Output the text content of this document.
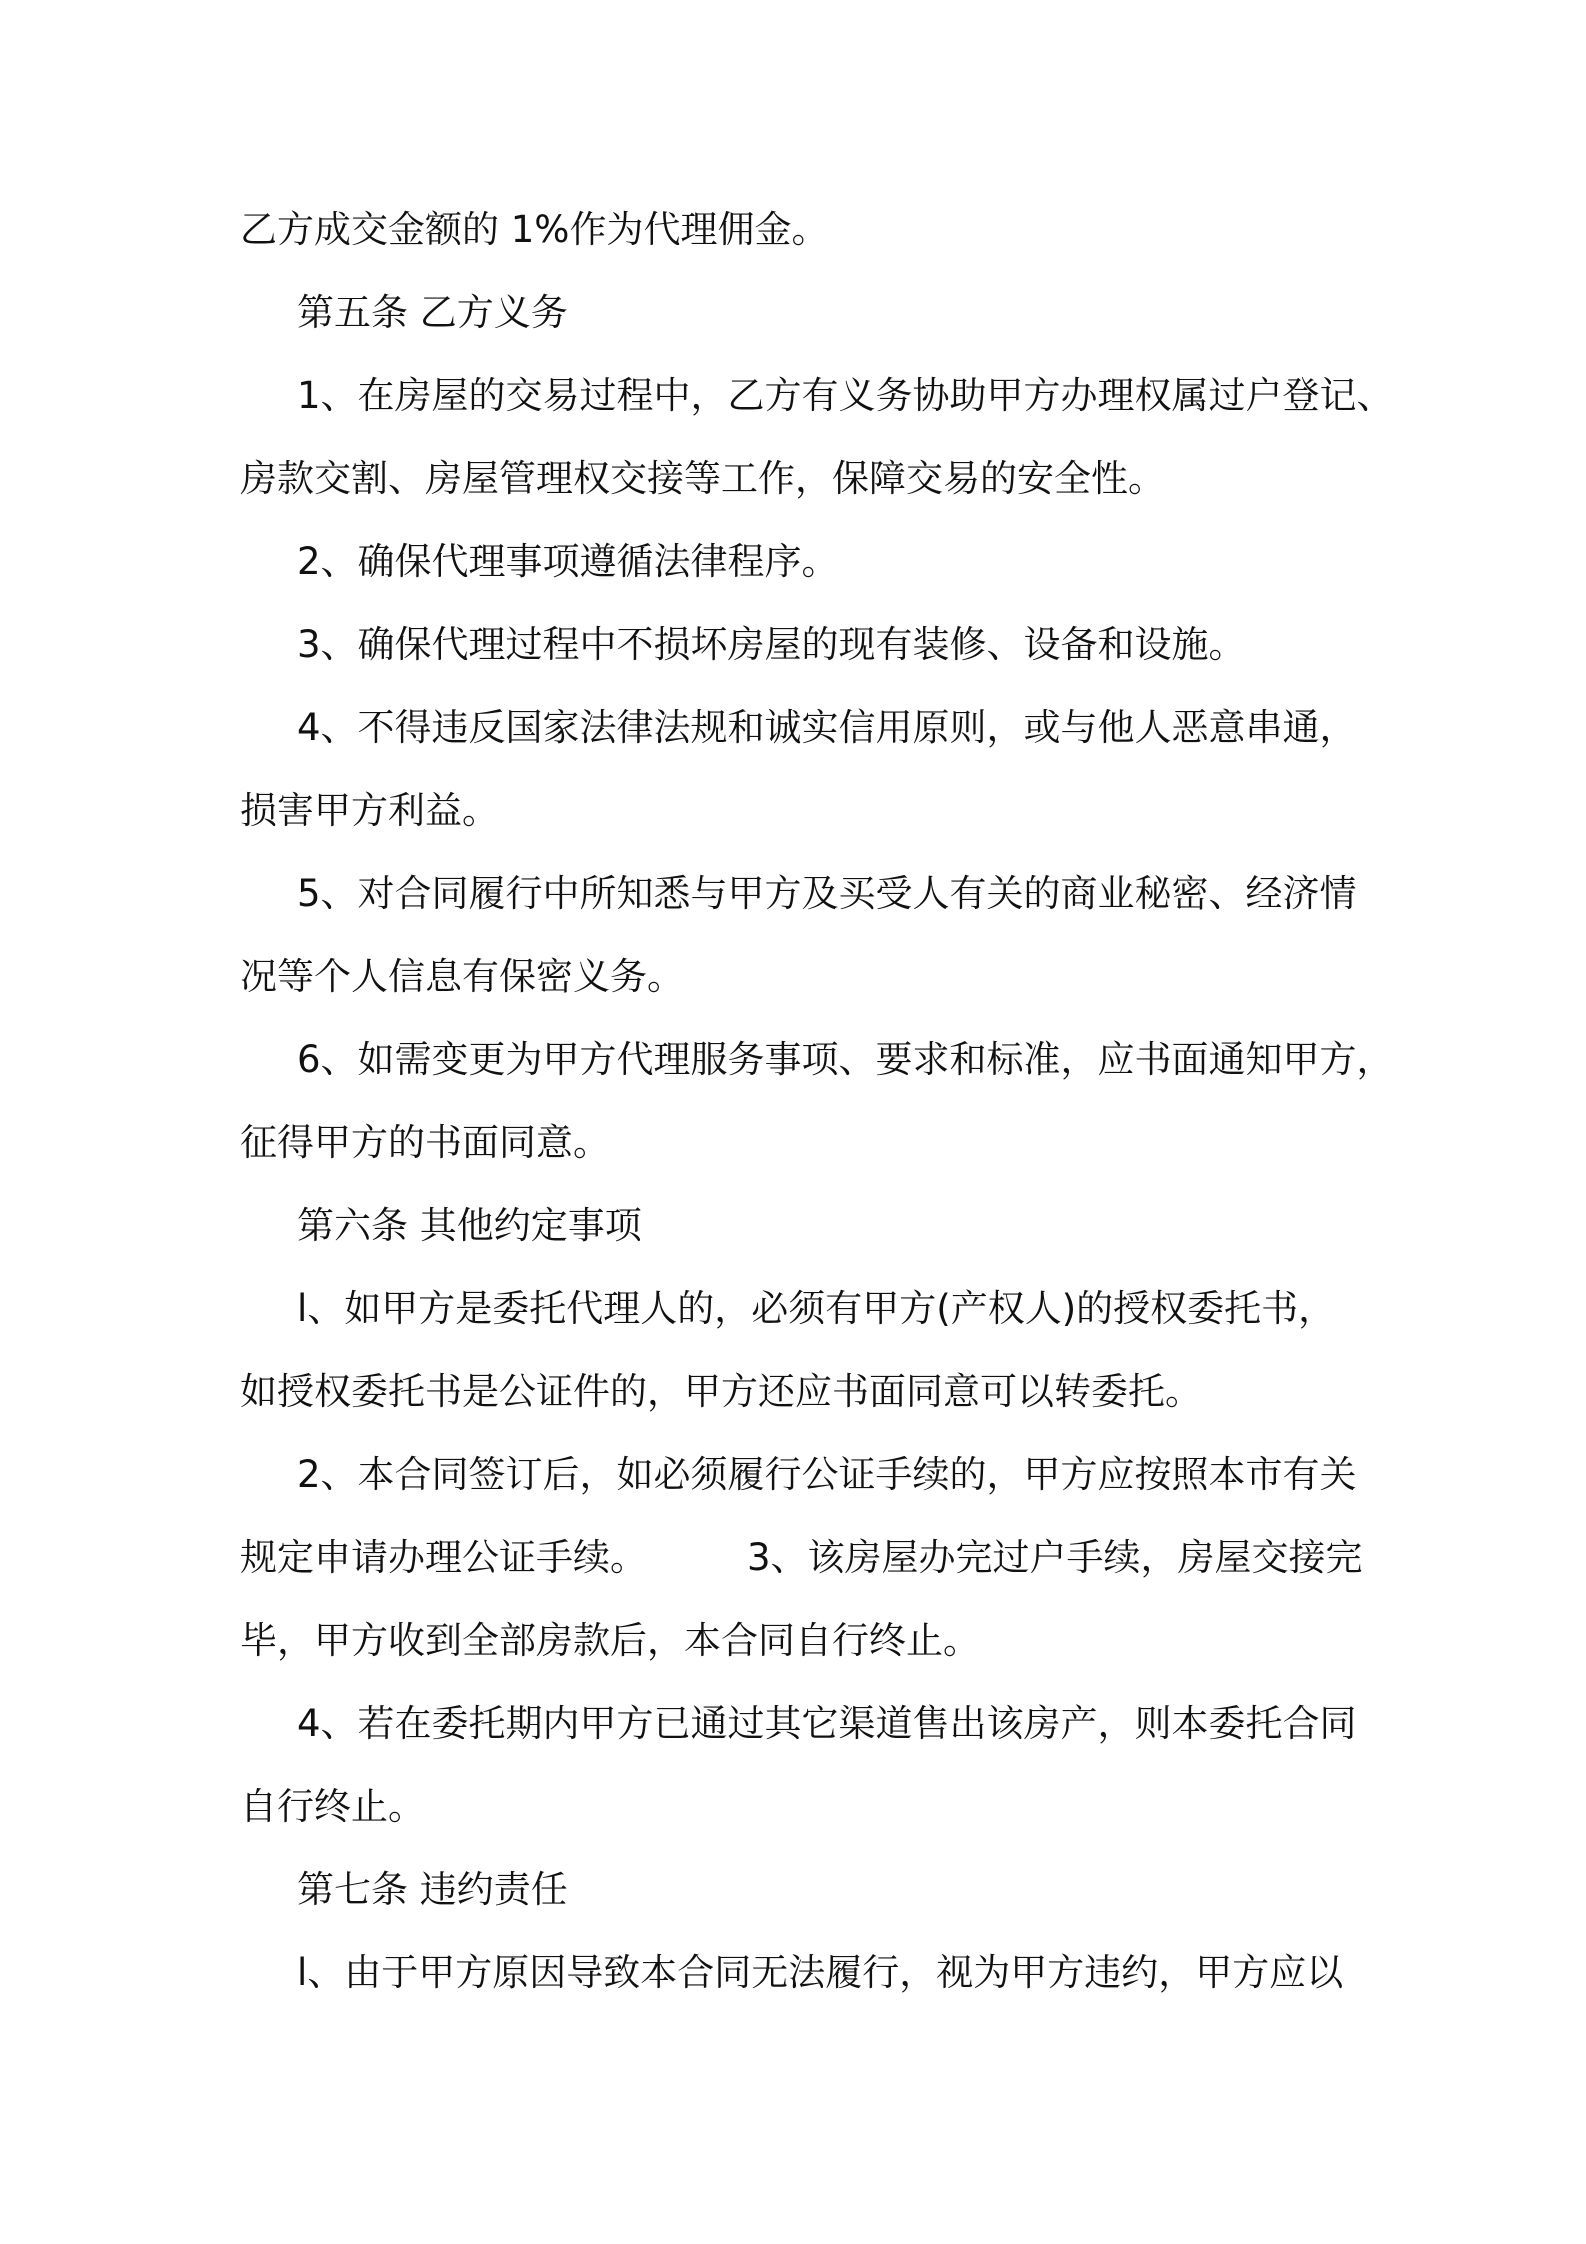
乙方成交金额的 1%作为代理佣金。
第五条 乙方义务
1、在房屋的交易过程中，乙方有义务协助甲方办理权属过户登记、
房款交割、房屋管理权交接等工作，保障交易的安全性。
2、确保代理事项遵循法律程序。
3、确保代理过程中不损坏房屋的现有装修、设备和设施。
4、不得违反国家法律法规和诚实信用原则，或与他人恶意串通，
损害甲方利益。
5、对合同履行中所知悉与甲方及买受人有关的商业秘密、经济情
况等个人信息有保密义务。
6、如需变更为甲方代理服务事项、要求和标准，应书面通知甲方，
征得甲方的书面同意。
第六条 其他约定事项
l、如甲方是委托代理人的，必须有甲方(产权人)的授权委托书，
如授权委托书是公证件的，甲方还应书面同意可以转委托。
2、本合同签订后，如必须履行公证手续的，甲方应按照本市有关
规定申请办理公证手续。	3、该房屋办完过户手续，房屋交接完
毕，甲方收到全部房款后，本合同自行终止。
4、若在委托期内甲方已通过其它渠道售出该房产，则本委托合同
自行终止。
第七条 违约责任
l、由于甲方原因导致本合同无法履行，视为甲方违约，甲方应以
